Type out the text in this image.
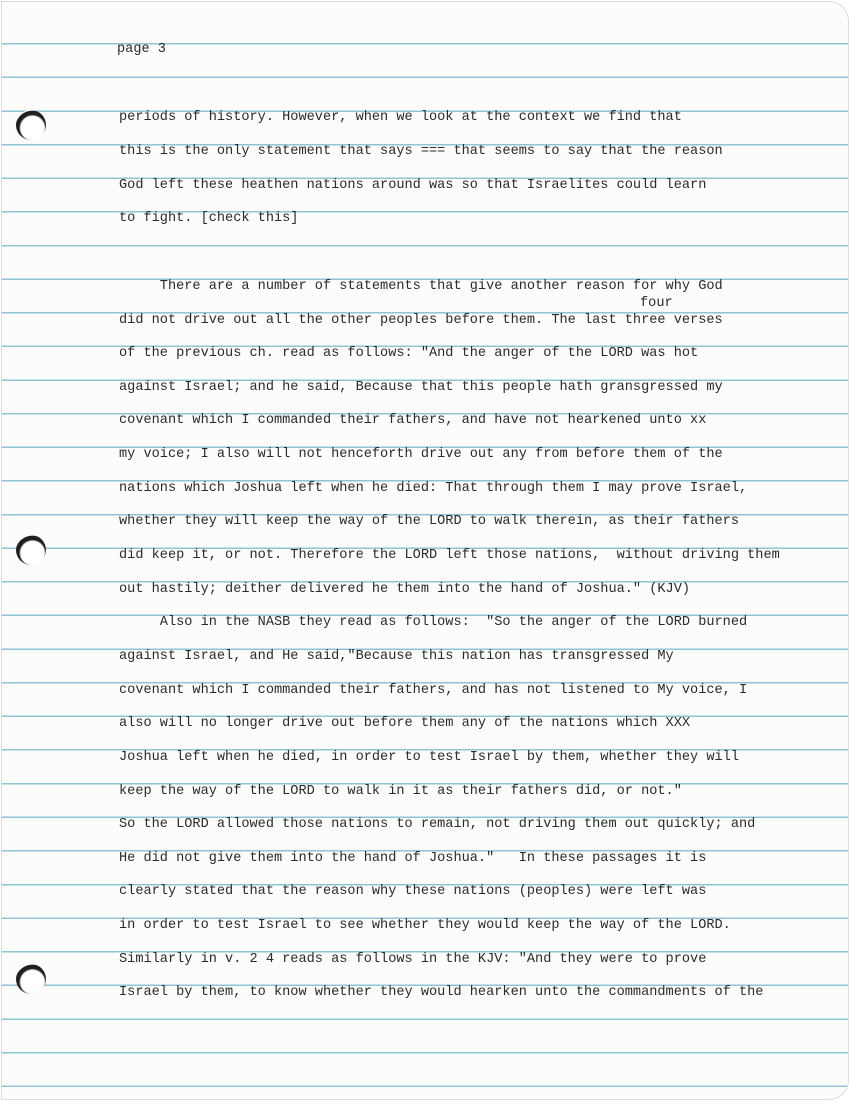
page 3
four
periods of history. However, when we look at the context we find that
this is the only statement that says === that seems to say that the reason
God left these heathen nations around was so that Israelites could learn
to fight. [check this]
There are a number of statements that give another reason for why God
did not drive out all the other peoples before them. The last three verses
of the previous ch. read as follows: "And the anger of the LORD was hot
against Israel; and he said, Because that this people hath gransgressed my
covenant which I commanded their fathers, and have not hearkened unto xx
my voice; I also will not henceforth drive out any from before them of the
nations which Joshua left when he died: That through them I may prove Israel,
whether they will keep the way of the LORD to walk therein, as their fathers
did keep it, or not. Therefore the LORD left those nations,  without driving them
out hastily; deither delivered he them into the hand of Joshua." (KJV)
Also in the NASB they read as follows:  "So the anger of the LORD burned
against Israel, and He said,"Because this nation has transgressed My
covenant which I commanded their fathers, and has not listened to My voice, I
also will no longer drive out before them any of the nations which XXX
Joshua left when he died, in order to test Israel by them, whether they will
keep the way of the LORD to walk in it as their fathers did, or not."
So the LORD allowed those nations to remain, not driving them out quickly; and
He did not give them into the hand of Joshua."   In these passages it is
clearly stated that the reason why these nations (peoples) were left was
in order to test Israel to see whether they would keep the way of the LORD.
Similarly in v. 2 4 reads as follows in the KJV: "And they were to prove
Israel by them, to know whether they would hearken unto the commandments of the
